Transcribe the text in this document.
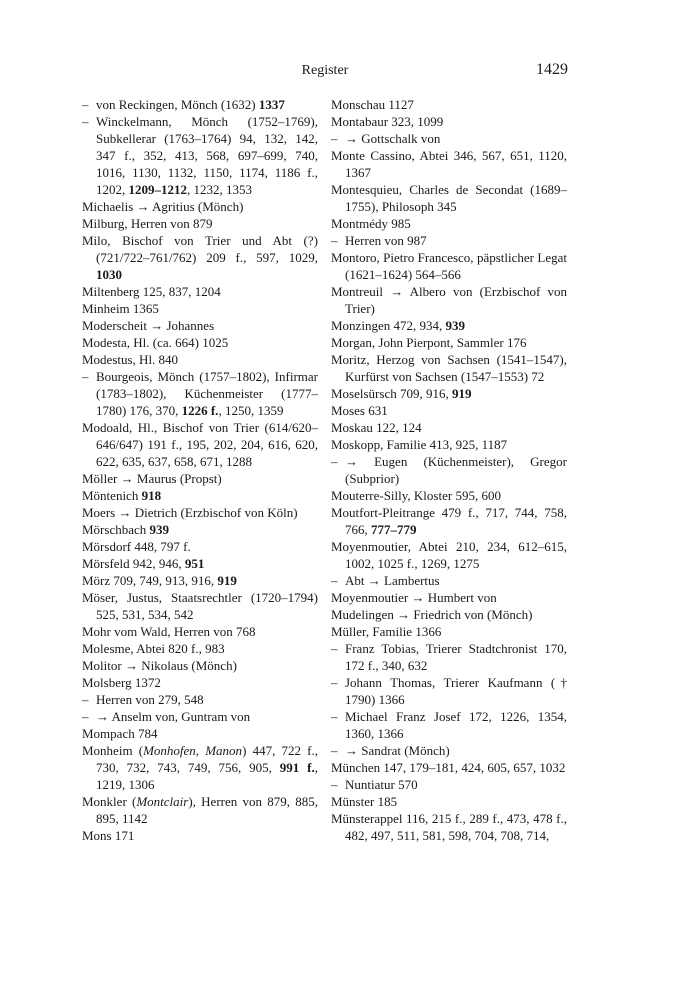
Register	1429
– von Reckingen, Mönch (1632) 1337
– Winckelmann, Mönch (1752–1769), Subkellerar (1763–1764) 94, 132, 142, 347 f., 352, 413, 568, 697–699, 740, 1016, 1130, 1132, 1150, 1174, 1186 f., 1202, 1209–1212, 1232, 1353
Michaelis → Agritius (Mönch)
Milburg, Herren von 879
Milo, Bischof von Trier und Abt (?) (721/722–761/762) 209 f., 597, 1029, 1030
Miltenberg 125, 837, 1204
Minheim 1365
Moderscheit → Johannes
Modesta, Hl. (ca. 664) 1025
Modestus, Hl. 840
– Bourgeois, Mönch (1757–1802), Infirmar (1783–1802), Küchenmeister (1777–1780) 176, 370, 1226 f., 1250, 1359
Modoald, Hl., Bischof von Trier (614/620–646/647) 191 f., 195, 202, 204, 616, 620, 622, 635, 637, 658, 671, 1288
Möller → Maurus (Propst)
Möntenich 918
Moers → Dietrich (Erzbischof von Köln)
Mörschbach 939
Mörsdorf 448, 797 f.
Mörsfeld 942, 946, 951
Mörz 709, 749, 913, 916, 919
Möser, Justus, Staatsrechtler (1720–1794) 525, 531, 534, 542
Mohr vom Wald, Herren von 768
Molesme, Abtei 820 f., 983
Molitor → Nikolaus (Mönch)
Molsberg 1372
– Herren von 279, 548
– → Anselm von, Guntram von
Mompach 784
Monheim (Monhofen, Manon) 447, 722 f., 730, 732, 743, 749, 756, 905, 991 f., 1219, 1306
Monkler (Montclair), Herren von 879, 885, 895, 1142
Mons 171
Monschau 1127
Montabaur 323, 1099
– → Gottschalk von
Monte Cassino, Abtei 346, 567, 651, 1120, 1367
Montesquieu, Charles de Secondat (1689–1755), Philosoph 345
Montmédy 985
– Herren von 987
Montoro, Pietro Francesco, päpstlicher Legat (1621–1624) 564–566
Montreuil → Albero von (Erzbischof von Trier)
Monzingen 472, 934, 939
Morgan, John Pierpont, Sammler 176
Moritz, Herzog von Sachsen (1541–1547), Kurfürst von Sachsen (1547–1553) 72
Moselsürsch 709, 916, 919
Moses 631
Moskau 122, 124
Moskopp, Familie 413, 925, 1187
– → Eugen (Küchenmeister), Gregor (Subprior)
Mouterre-Silly, Kloster 595, 600
Moutfort-Pleitrange 479 f., 717, 744, 758, 766, 777–779
Moyenmoutier, Abtei 210, 234, 612–615, 1002, 1025 f., 1269, 1275
– Abt → Lambertus
Moyenmoutier → Humbert von
Mudelingen → Friedrich von (Mönch)
Müller, Familie 1366
– Franz Tobias, Trierer Stadtchronist 170, 172 f., 340, 632
– Johann Thomas, Trierer Kaufmann († 1790) 1366
– Michael Franz Josef 172, 1226, 1354, 1360, 1366
– → Sandrat (Mönch)
München 147, 179–181, 424, 605, 657, 1032
– Nuntiatur 570
Münster 185
Münsterappel 116, 215 f., 289 f., 473, 478 f., 482, 497, 511, 581, 598, 704, 708, 714,
